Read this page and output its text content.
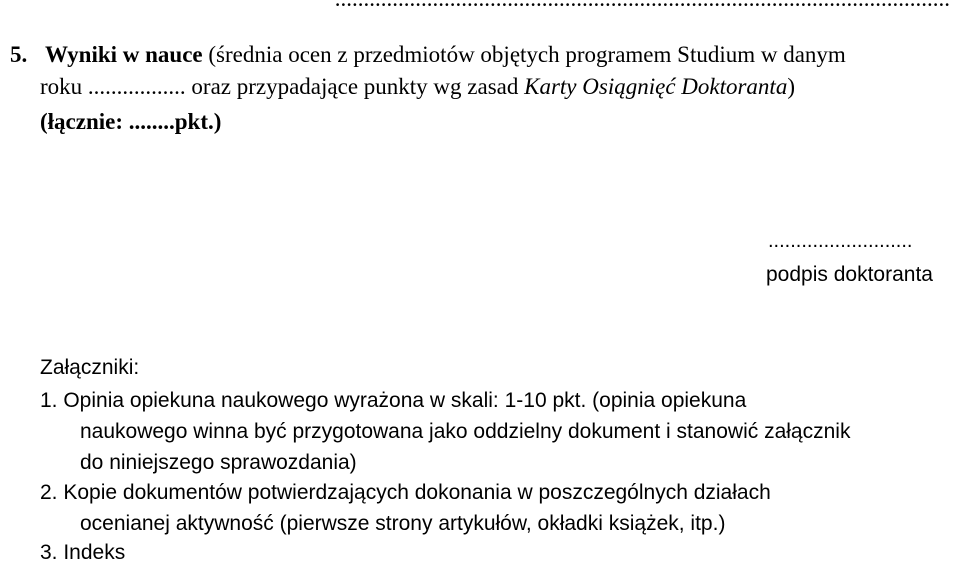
5. Wyniki w nauce (średnia ocen z przedmiotów objętych programem Studium w danym
roku ................. oraz przypadające punkty wg zasad Karty Osiągnięć Doktoranta)
(łącznie: ........pkt.)
..........................
podpis doktoranta
Załączniki:
1. Opinia opiekuna naukowego wyrażona w skali: 1-10 pkt. (opinia opiekuna
naukowego winna być przygotowana jako oddzielny dokument i stanowić załącznik
do niniejszego sprawozdania)
2. Kopie dokumentów potwierdzających dokonania w poszczególnych działach
ocenianej aktywność (pierwsze strony artykułów, okładki książek, itp.)
3. Indeks
